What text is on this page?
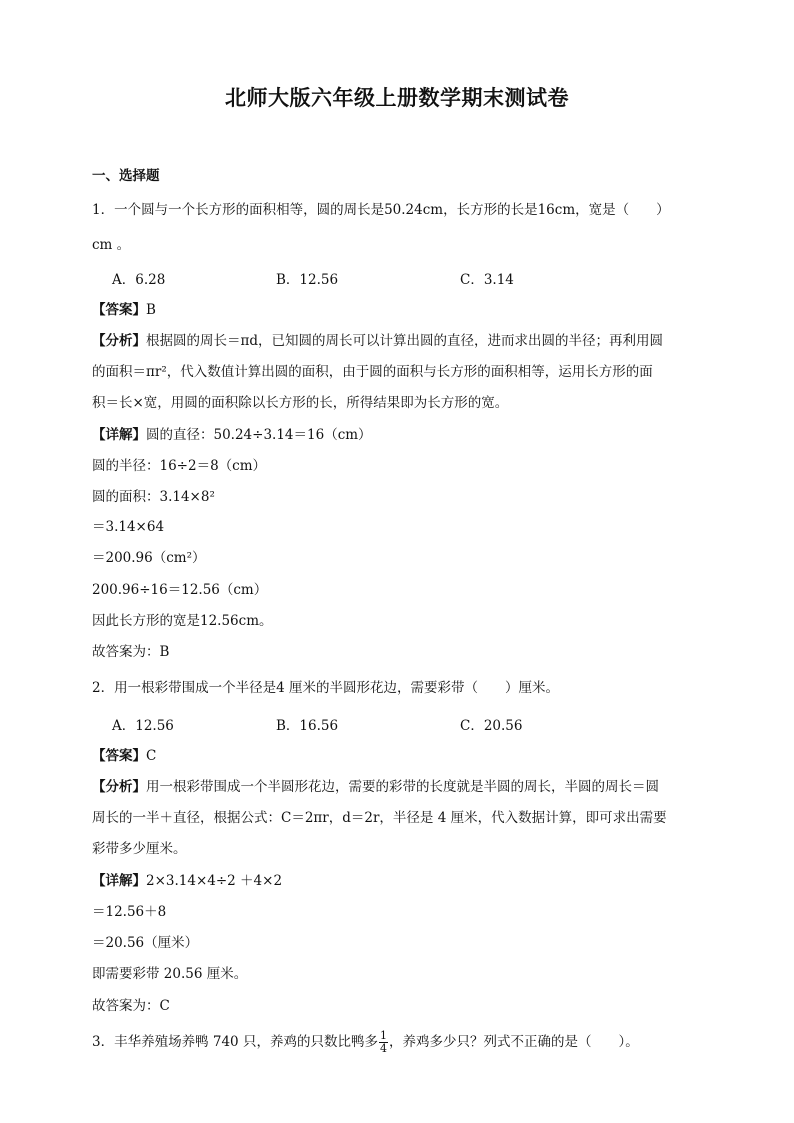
北师大版六年级上册数学期末测试卷
一、选择题
1．一个圆与一个长方形的面积相等，圆的周长是50.24cm，长方形的长是16cm，宽是（　　）
cm 。
A．6.28	B．12.56	C．3.14
【答案】B
【分析】根据圆的周长＝πd，已知圆的周长可以计算出圆的直径，进而求出圆的半径；再利用圆
的面积＝πr²，代入数值计算出圆的面积，由于圆的面积与长方形的面积相等，运用长方形的面
积＝长×宽，用圆的面积除以长方形的长，所得结果即为长方形的宽。
【详解】圆的直径：50.24÷3.14＝16（cm）
圆的半径：16÷2＝8（cm）
圆的面积：3.14×8²
＝3.14×64
＝200.96（cm²）
200.96÷16＝12.56（cm）
因此长方形的宽是12.56cm。
故答案为：B
2．用一根彩带围成一个半径是4 厘米的半圆形花边，需要彩带（　　）厘米。
A．12.56	B．16.56	C．20.56
【答案】C
【分析】用一根彩带围成一个半圆形花边，需要的彩带的长度就是半圆的周长，半圆的周长＝圆
周长的一半＋直径，根据公式：C＝2πr，d＝2r，半径是 4 厘米，代入数据计算，即可求出需要
彩带多少厘米。
【详解】2×3.14×4÷2 ＋4×2
＝12.56＋8
＝20.56（厘米）
即需要彩带 20.56 厘米。
故答案为：C
3．丰华养殖场养鸭 740 只，养鸡的只数比鸭多 $\frac{1}{4}$ ，养鸡多少只？列式不正确的是（　　）。
